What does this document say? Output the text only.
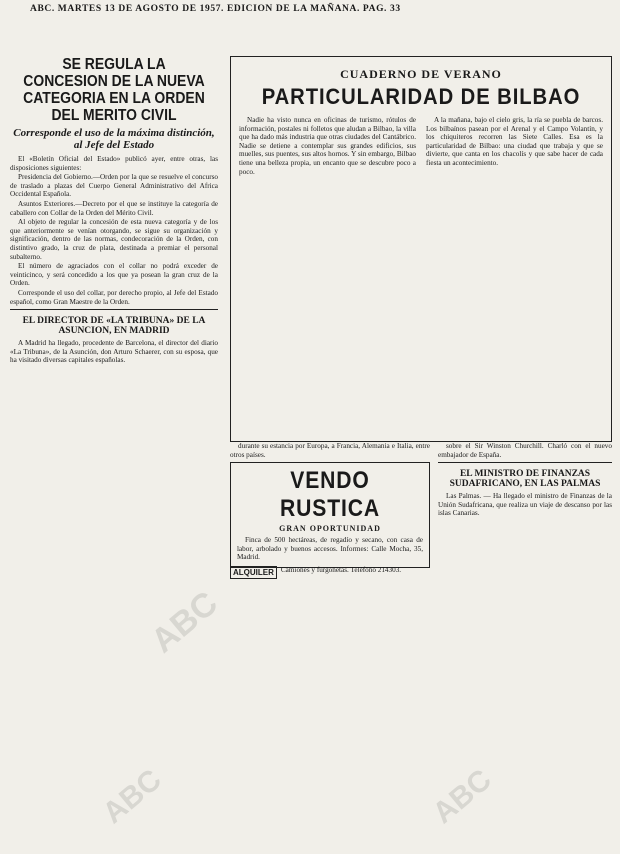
ABC. MARTES 13 DE AGOSTO DE 1957. EDICION DE LA MAÑANA. PAG. 33
SE REGULA LA CONCESION DE LA NUEVA CATEGORIA EN LA ORDEN DEL MERITO CIVIL
Corresponde el uso de la máxima distinción, al Jefe del Estado

El «Boletín Oficial del Estado» publicó ayer, entre otras, las disposiciones siguientes:

Presidencia del Gobierno.—Orden por la que se resuelve el concurso de traslado a plazas del Cuerpo General Administrativo del Africa Occidental Española.

Asuntos Exteriores.—Decreto por el que se instituye la categoría de caballero con Collar de la Orden del Mérito Civil.

Al objeto de regular la concesión de esta nueva categoría y de los que anteriormente se venían otorgando, se sigue su organización y significación, dentro de las normas, condecoración de la Orden, con distintivo grado, la cruz de plata, destinada a premiar el personal subalterno.

El número de agraciados con el collar no podrá exceder de veinticinco, y será concedido a los que ya posean la gran cruz de la Orden.

Corresponde el uso del collar, por derecho propio, al Jefe del Estado español, como Gran Maestre de la Orden.

EL DIRECTOR DE «LA TRIBUNA» DE LA ASUNCION, EN MADRID

A Madrid ha llegado, procedente de Barcelona, el director del diario «La Tribuna», de la Asunción, don Arturo Schaerer, con su esposa, que ha visitado diversas capitales españolas.

CUADERNO DE VERANO
PARTICULARIDAD DE BILBAO

Nadie ha visto nunca en oficinas de turismo, rótulos de información, postales ni folletos que aludan a Bilbao, la villa que ha dado más industria que otras ciudades del Cantábrico. Nadie se detiene a contemplar sus grandes edificios, sus muelles, sus puentes, sus altos hornos. Y sin embargo, Bilbao tiene una belleza propia, un encanto que se descubre poco a poco.

A la mañana, bajo el cielo gris, la ría se puebla de barcos. Los bilbaínos pasean por el Arenal y el Campo Volantín, y los chiquiteros recorren las Siete Calles. Esa es la particularidad de Bilbao: una ciudad que trabaja y que se divierte, que canta en los chacolís y que sabe hacer de cada fiesta un acontecimiento.

durante su estancia por Europa, a Francia, Alemania e Italia, entre otros países.

VENDO RUSTICA
GRAN OPORTUNIDAD

Finca de 500 hectáreas, de regadío y secano, con casa de labor, arbolado y buenos accesos. Informes: Calle Mocha, 35, Madrid.

ALQUILER Camiones y furgonetas. Teléfono 214303.

sobre el Sir Winston Churchill. Charló con el nuevo embajador de España.

EL MINISTRO DE FINANZAS SUDAFRICANO, EN LAS PALMAS

Las Palmas. — Ha llegado el ministro de Finanzas de la Unión Sudafricana, que realiza un viaje de descanso por las islas Canarias.

ABC
ABC	ABC
